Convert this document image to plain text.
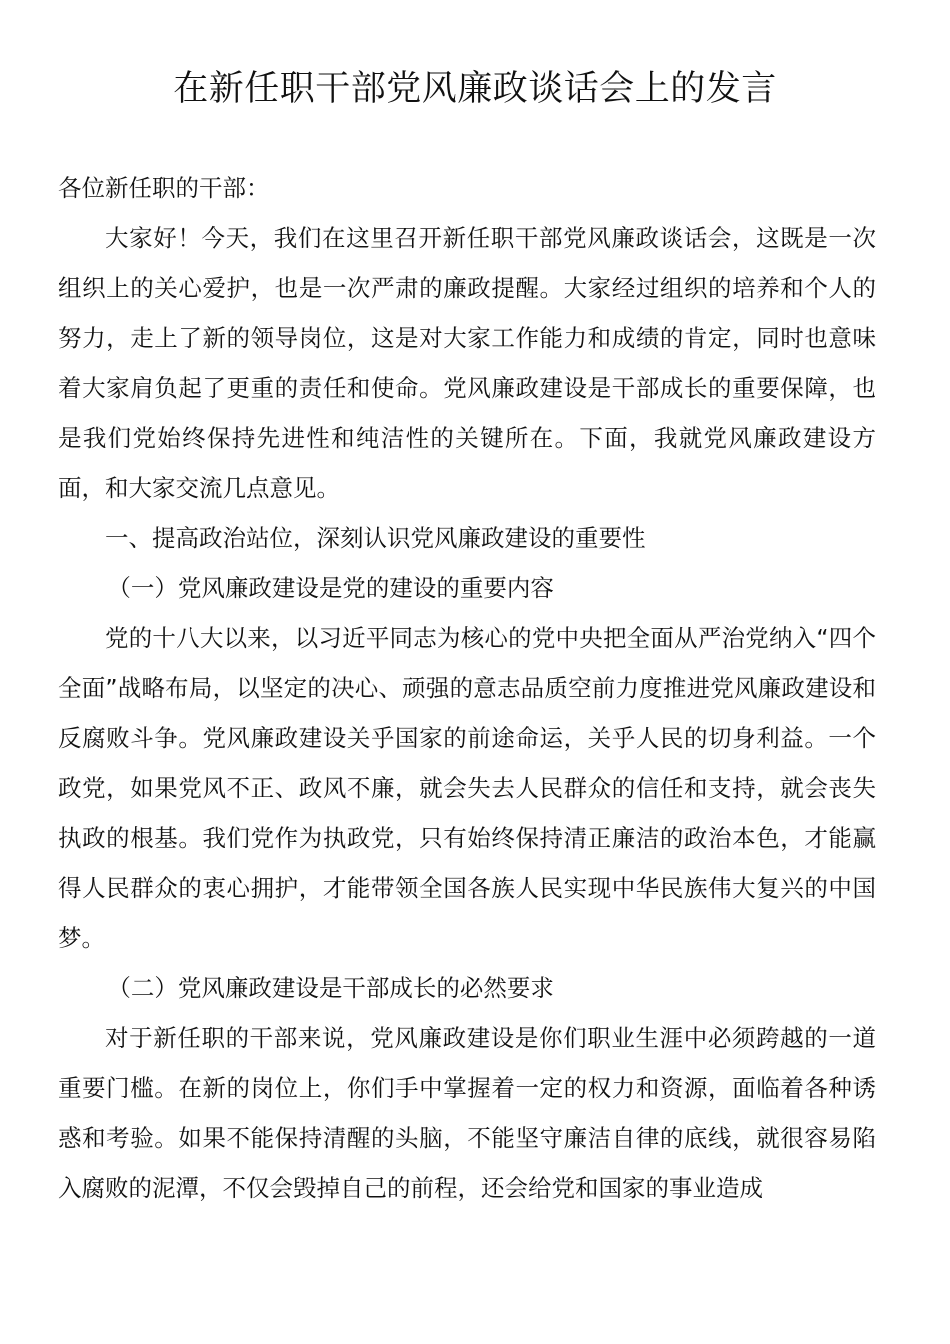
在新任职干部党风廉政谈话会上的发言

各位新任职的干部：

大家好！今天，我们在这里召开新任职干部党风廉政谈话会，这既是一次组织上的关心爱护，也是一次严肃的廉政提醒。大家经过组织的培养和个人的努力，走上了新的领导岗位，这是对大家工作能力和成绩的肯定，同时也意味着大家肩负起了更重的责任和使命。党风廉政建设是干部成长的重要保障，也是我们党始终保持先进性和纯洁性的关键所在。下面，我就党风廉政建设方面，和大家交流几点意见。

一、提高政治站位，深刻认识党风廉政建设的重要性

（一）党风廉政建设是党的建设的重要内容

党的十八大以来，以习近平同志为核心的党中央把全面从严治党纳入“四个全面”战略布局，以坚定的决心、顽强的意志品质空前力度推进党风廉政建设和反腐败斗争。党风廉政建设关乎国家的前途命运，关乎人民的切身利益。一个政党，如果党风不正、政风不廉，就会失去人民群众的信任和支持，就会丧失执政的根基。我们党作为执政党，只有始终保持清正廉洁的政治本色，才能赢得人民群众的衷心拥护，才能带领全国各族人民实现中华民族伟大复兴的中国梦。

（二）党风廉政建设是干部成长的必然要求

对于新任职的干部来说，党风廉政建设是你们职业生涯中必须跨越的一道重要门槛。在新的岗位上，你们手中掌握着一定的权力和资源，面临着各种诱惑和考验。如果不能保持清醒的头脑，不能坚守廉洁自律的底线，就很容易陷入腐败的泥潭，不仅会毁掉自己的前程，还会给党和国家的事业造成
